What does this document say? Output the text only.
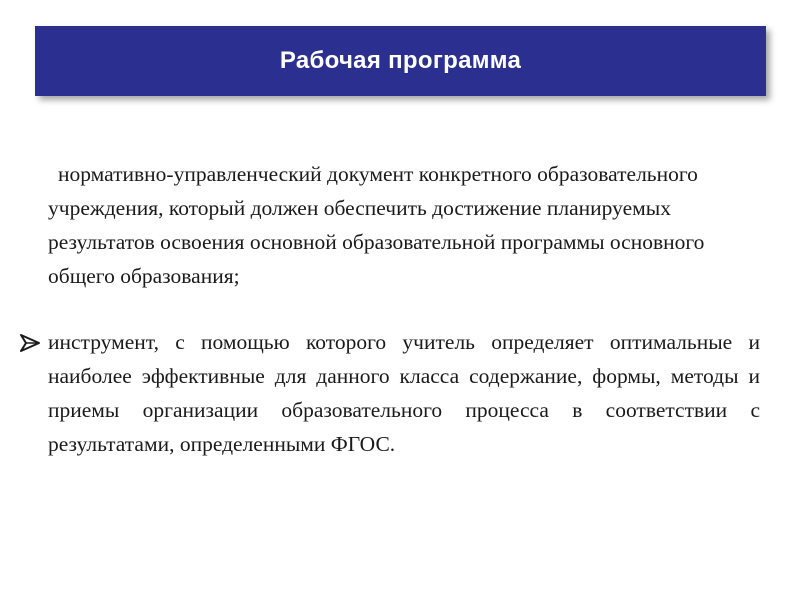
Рабочая программа

нормативно-управленческий документ конкретного образовательного учреждения, который должен обеспечить достижение планируемых результатов освоения основной образовательной программы основного общего образования;

инструмент, с помощью которого учитель определяет оптимальные и наиболее эффективные для данного класса содержание, формы, методы и приемы организации образовательного процесса в соответствии с результатами, определенными ФГОС.
